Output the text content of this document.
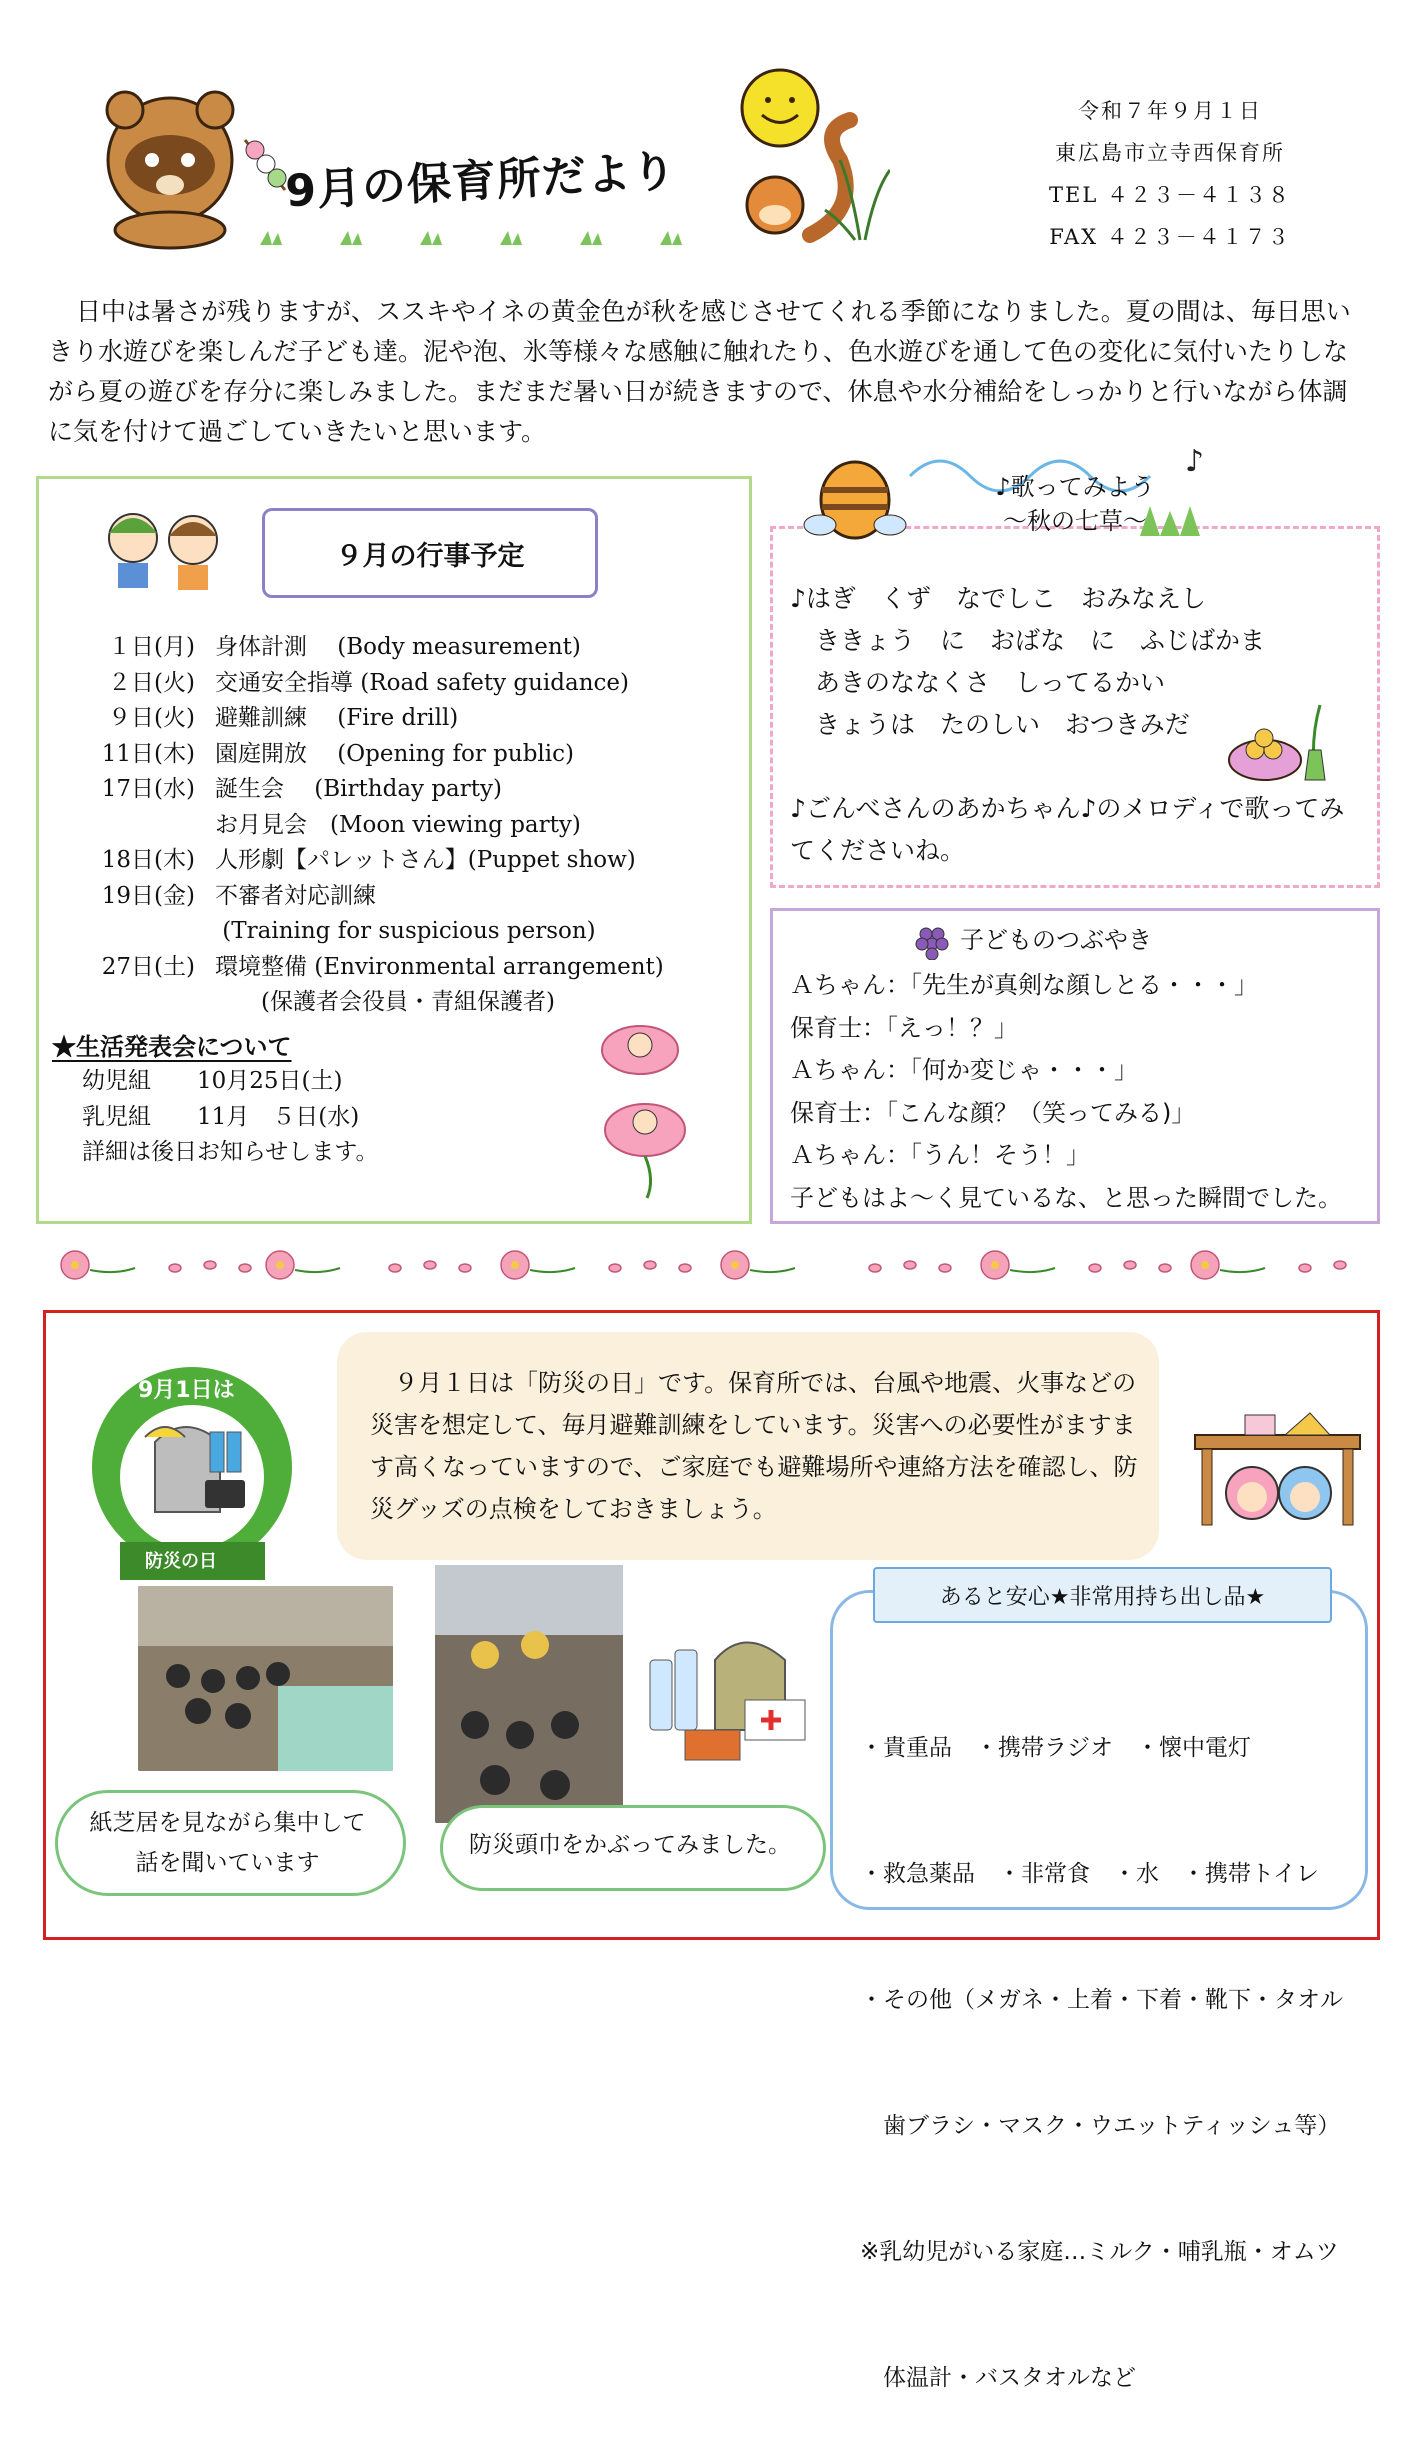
9月の保育所だより
令和７年９月１日
東広島市立寺西保育所
TEL ４２３－４１３８
FAX ４２３－４１７３

日中は暑さが残りますが、ススキやイネの黄金色が秋を感じさせてくれる季節になりました。夏の間は、毎日思いきり水遊びを楽しんだ子ども達。泥や泡、氷等様々な感触に触れたり、色水遊びを通して色の変化に気付いたりしながら夏の遊びを存分に楽しみました。まだまだ暑い日が続きますので、休息や水分補給をしっかりと行いながら体調に気を付けて過ごしていきたいと思います。

９月の行事予定
１日(月) 身体計測　 (Body measurement)
２日(火) 交通安全指導 (Road safety guidance)
９日(火) 避難訓練　 (Fire drill)
11日(木) 園庭開放　 (Opening for public)
17日(水) 誕生会　 (Birthday party)
お月見会　(Moon viewing party)
18日(木) 人形劇【パレットさん】(Puppet show)
19日(金) 不審者対応訓練
(Training for suspicious person)
27日(土) 環境整備 (Environmental arrangement)
　　(保護者会役員・青組保護者)
★生活発表会について
幼児組　　10月25日(土)
乳児組　　11月　５日(水)
詳細は後日お知らせします。
♪
♪歌ってみよう
～秋の七草～
♪はぎ　くず　なでしこ　おみなえし
　ききょう　に　おばな　に　ふじばかま
　あきのななくさ　しってるかい
　きょうは　たのしい　おつきみだ
♪ごんべさんのあかちゃん♪のメロディで歌ってみ
てくださいね。
子どものつぶやき
Ａちゃん：「先生が真剣な顔しとる・・・」
保育士：「えっ！？」
Ａちゃん：「何か変じゃ・・・」
保育士：「こんな顔？（笑ってみる)」
Ａちゃん：「うん！そう！」
子どもはよ～く見ているな、と思った瞬間でした。
9月1日は
防災の日

９月１日は「防災の日」です。保育所では、台風や地震、火事などの災害を想定して、毎月避難訓練をしています。災害への必要性がますます高くなっていますので、ご家庭でも避難場所や連絡方法を確認し、防災グッズの点検をしておきましょう。

紙芝居を見ながら集中して
話を聞いています
防災頭巾をかぶってみました。
あると安心★非常用持ち出し品★

・貴重品　・携帯ラジオ　・懐中電灯

・救急薬品　・非常食　・水　・携帯トイレ

・その他（メガネ・上着・下着・靴下・タオル

　歯ブラシ・マスク・ウエットティッシュ等）

※乳幼児がいる家庭…ミルク・哺乳瓶・オムツ

　体温計・バスタオルなど
